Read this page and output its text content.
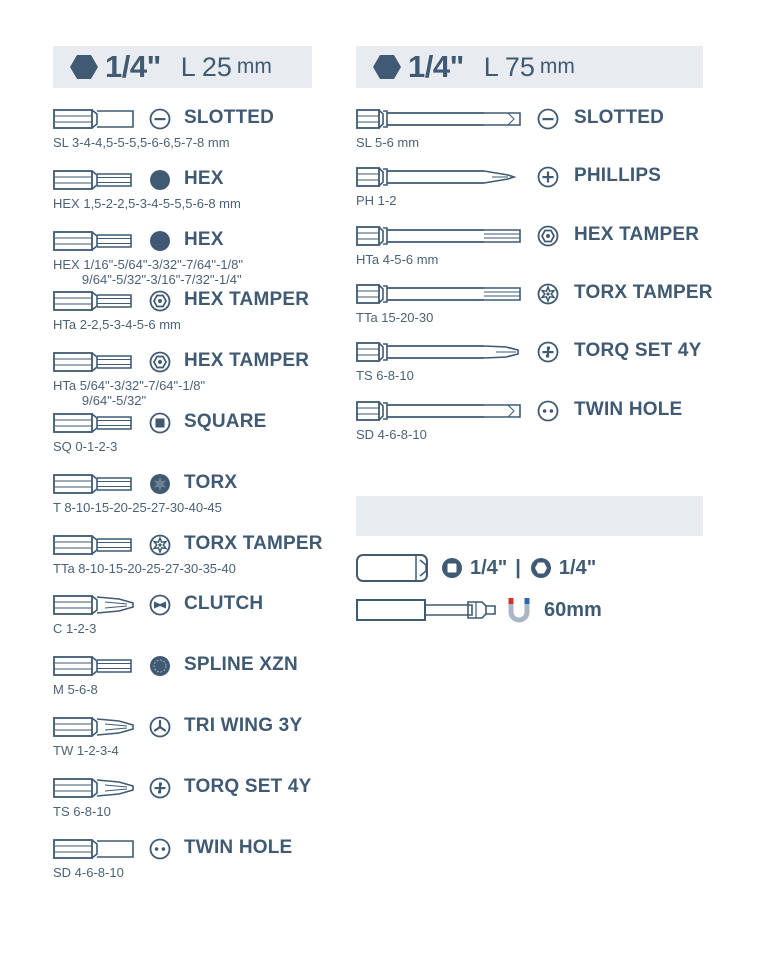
1/4" L 25 mm	1/4" L 75 mm
SLOTTED
SL 3-4-4,5-5-5,5-6-6,5-7-8 mm
HEX
HEX 1,5-2-2,5-3-4-5-5,5-6-8 mm
HEX
HEX 1/16"-5/64"-3/32"-7/64"-1/8"
9/64"-5/32"-3/16"-7/32"-1/4"
HEX TAMPER
HTa 2-2,5-3-4-5-6 mm
HEX TAMPER
HTa 5/64"-3/32"-7/64"-1/8"
9/64"-5/32"
SQUARE
SQ 0-1-2-3
TORX
T 8-10-15-20-25-27-30-40-45
TORX TAMPER
TTa 8-10-15-20-25-27-30-35-40
CLUTCH
C 1-2-3
SPLINE XZN
M 5-6-8
TRI WING 3Y
TW 1-2-3-4
TORQ SET 4Y
TS 6-8-10
TWIN HOLE
SD 4-6-8-10
SLOTTED
SL 5-6 mm
PHILLIPS
PH 1-2
HEX TAMPER
HTa 4-5-6 mm
TORX TAMPER
TTa 15-20-30
TORQ SET 4Y
TS 6-8-10
TWIN HOLE
SD 4-6-8-10
1/4" | 1/4"
60 mm
